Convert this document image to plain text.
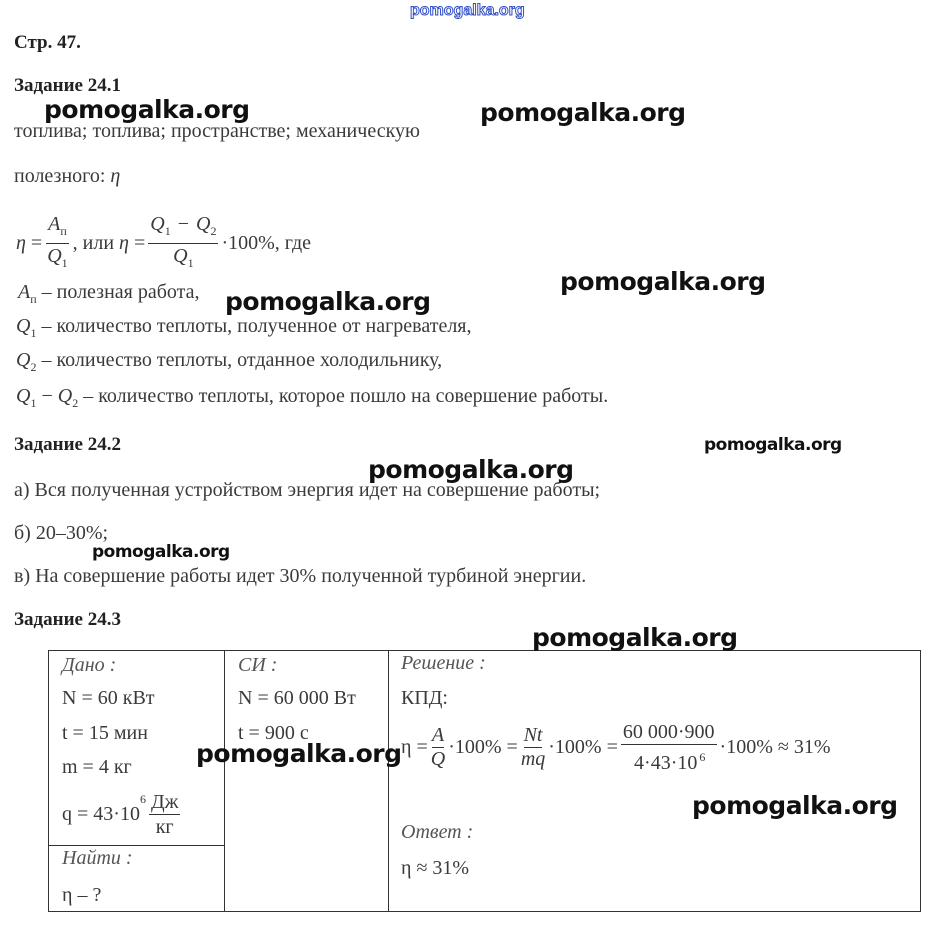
pomogalka.org
Стр. 47.
Задание 24.1
топлива; топлива; пространстве; механическую
полезного: η
η
=
$A_п$
$Q_1$
, или
η
= $\frac{Q_1 - Q_2}{Q_1} \cdot 100\%$, где
$A_п$ – полезная работа,
$Q_1$ – количество теплоты, полученное от нагревателя,
$Q_2$ – количество теплоты, отданное холодильнику,
$Q_1 - Q_2$ – количество теплоты, которое пошло на совершение работы.
Задание 24.2
а) Вся полученная устройством энергия идет на совершение работы;
б) 20–30%;
в) На совершение работы идет 30% полученной турбиной энергии.
Задание 24.3
Дано :
N = 60 кВт
t = 15 мин
m = 4 кг
q = 43·10
$^6$ Дж
кг
Найти :
η – ?
СИ :
N = 60 000 Вт
t = 900 с
Решение :
КПД:
$\eta = \frac{A}{Q} \cdot 100\% = \frac{Nt}{mq} \cdot 100\% = \frac{60 000\cdot 900}{4\cdot 43\cdot 10 ^6} \cdot 100\% \approx 31\%$
Ответ :
η ≈ 31%
pomogalka.org	pomogalka.org
pomogalka.org
pomogalka.org
pomogalka.org
pomogalka.org
pomogalka.org
pomogalka.org
pomogalka.org
pomogalka.org
